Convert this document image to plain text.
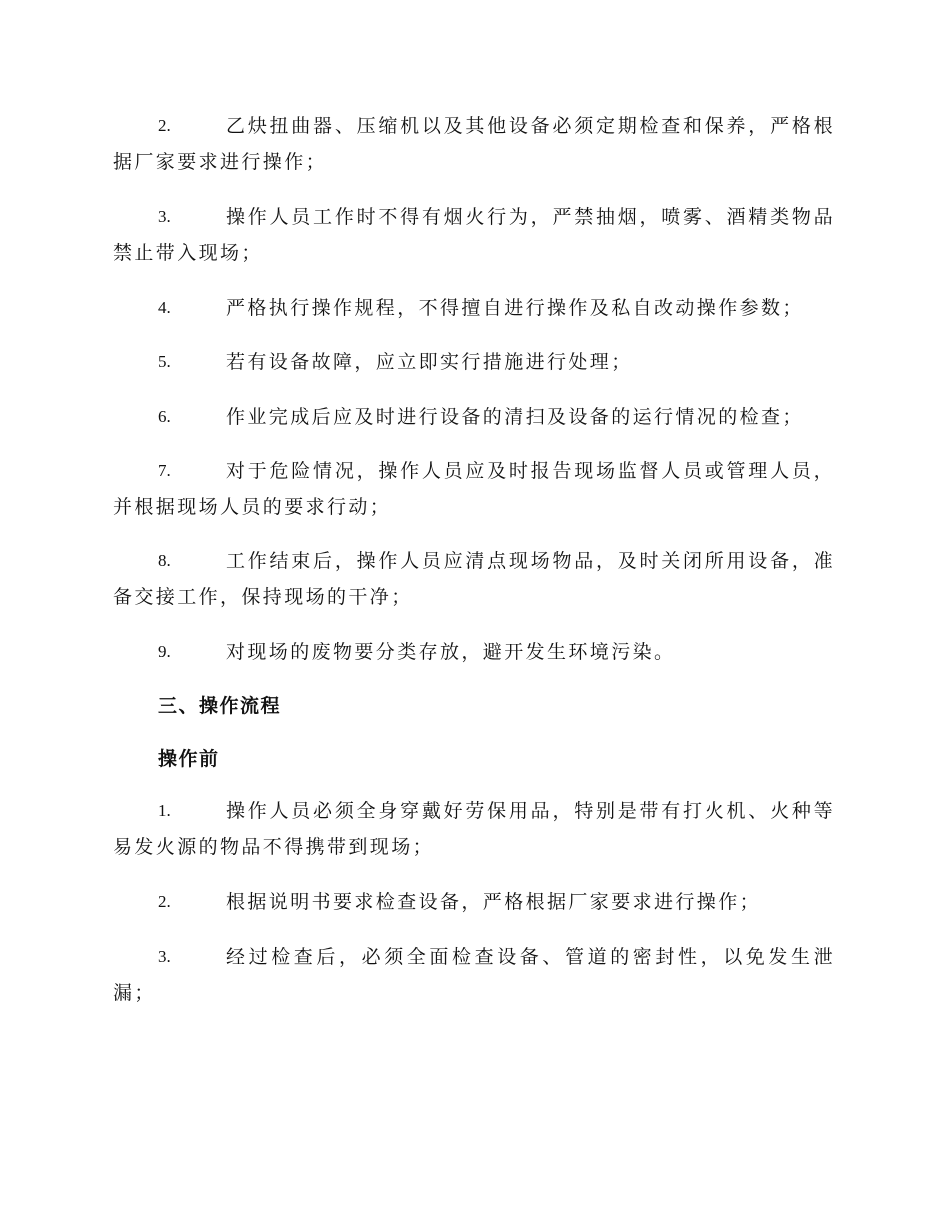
2.	乙炔扭曲器、压缩机以及其他设备必须定期检查和保养，严格根据厂家要求进行操作；
3.	操作人员工作时不得有烟火行为，严禁抽烟，喷雾、酒精类物品禁止带入现场；
4.	严格执行操作规程，不得擅自进行操作及私自改动操作参数；
5.	若有设备故障，应立即实行措施进行处理；
6.	作业完成后应及时进行设备的清扫及设备的运行情况的检查；
7.	对于危险情况，操作人员应及时报告现场监督人员或管理人员，并根据现场人员的要求行动；
8.	工作结束后，操作人员应清点现场物品，及时关闭所用设备，准备交接工作，保持现场的干净；
9.	对现场的废物要分类存放，避开发生环境污染。
三、操作流程
操作前
1.	操作人员必须全身穿戴好劳保用品，特别是带有打火机、火种等易发火源的物品不得携带到现场；
2.	根据说明书要求检查设备，严格根据厂家要求进行操作；
3.	经过检查后，必须全面检查设备、管道的密封性，以免发生泄漏；
